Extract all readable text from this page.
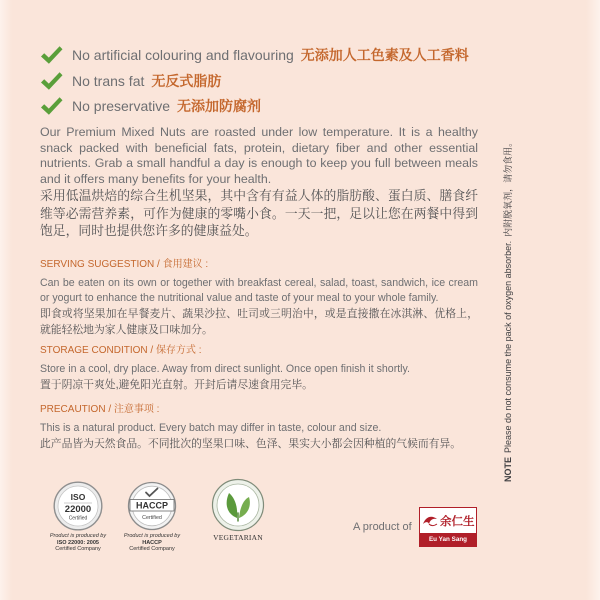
No artificial colouring and flavouring 无添加人工色素及人工香料
No trans fat 无反式脂肪
No preservative 无添加防腐剂
Our Premium Mixed Nuts are roasted under low temperature. It is a healthy snack packed with beneficial fats, protein, dietary fiber and other essential nutrients. Grab a small handful a day is enough to keep you full between meals and it offers many benefits for your health.
采用低温烘焙的综合生机坚果，其中含有有益人体的脂肪酸、蛋白质、膳食纤维等必需营养素，可作为健康的零嘴小食。一天一把，足以让您在两餐中得到饱足，同时也提供您许多的健康益处。
SERVING SUGGESTION / 食用建议 :
Can be eaten on its own or together with breakfast cereal, salad, toast, sandwich, ice cream or yogurt to enhance the nutritional value and taste of your meal to your whole family.
即食或将坚果加在早餐麦片、蔬果沙拉、吐司或三明治中，或是直接撒在冰淇淋、优格上，就能轻松地为家人健康及口味加分。
STORAGE CONDITION / 保存方式 :
Store in a cool, dry place. Away from direct sunlight. Once open finish it shortly.
置于阴凉干爽处,避免阳光直射。开封后请尽速食用完毕。
PRECAUTION / 注意事项 :
This is a natural product. Every batch may differ in taste, colour and size.
此产品皆为天然食品。不同批次的坚果口味、色泽、果实大小都会因种植的气候而有异。
ISO
22000
Certified
Product is produced by
ISO 22000: 2005
Certified Company
HACCP
Certified
Product is produced by
HACCP
Certified Company
VEGETARIAN
A product of 余仁生
Eu Yan Sang
NOTEPlease do not consume the pack of oxygen absorber.内附脱氧剂，请勿食用。
